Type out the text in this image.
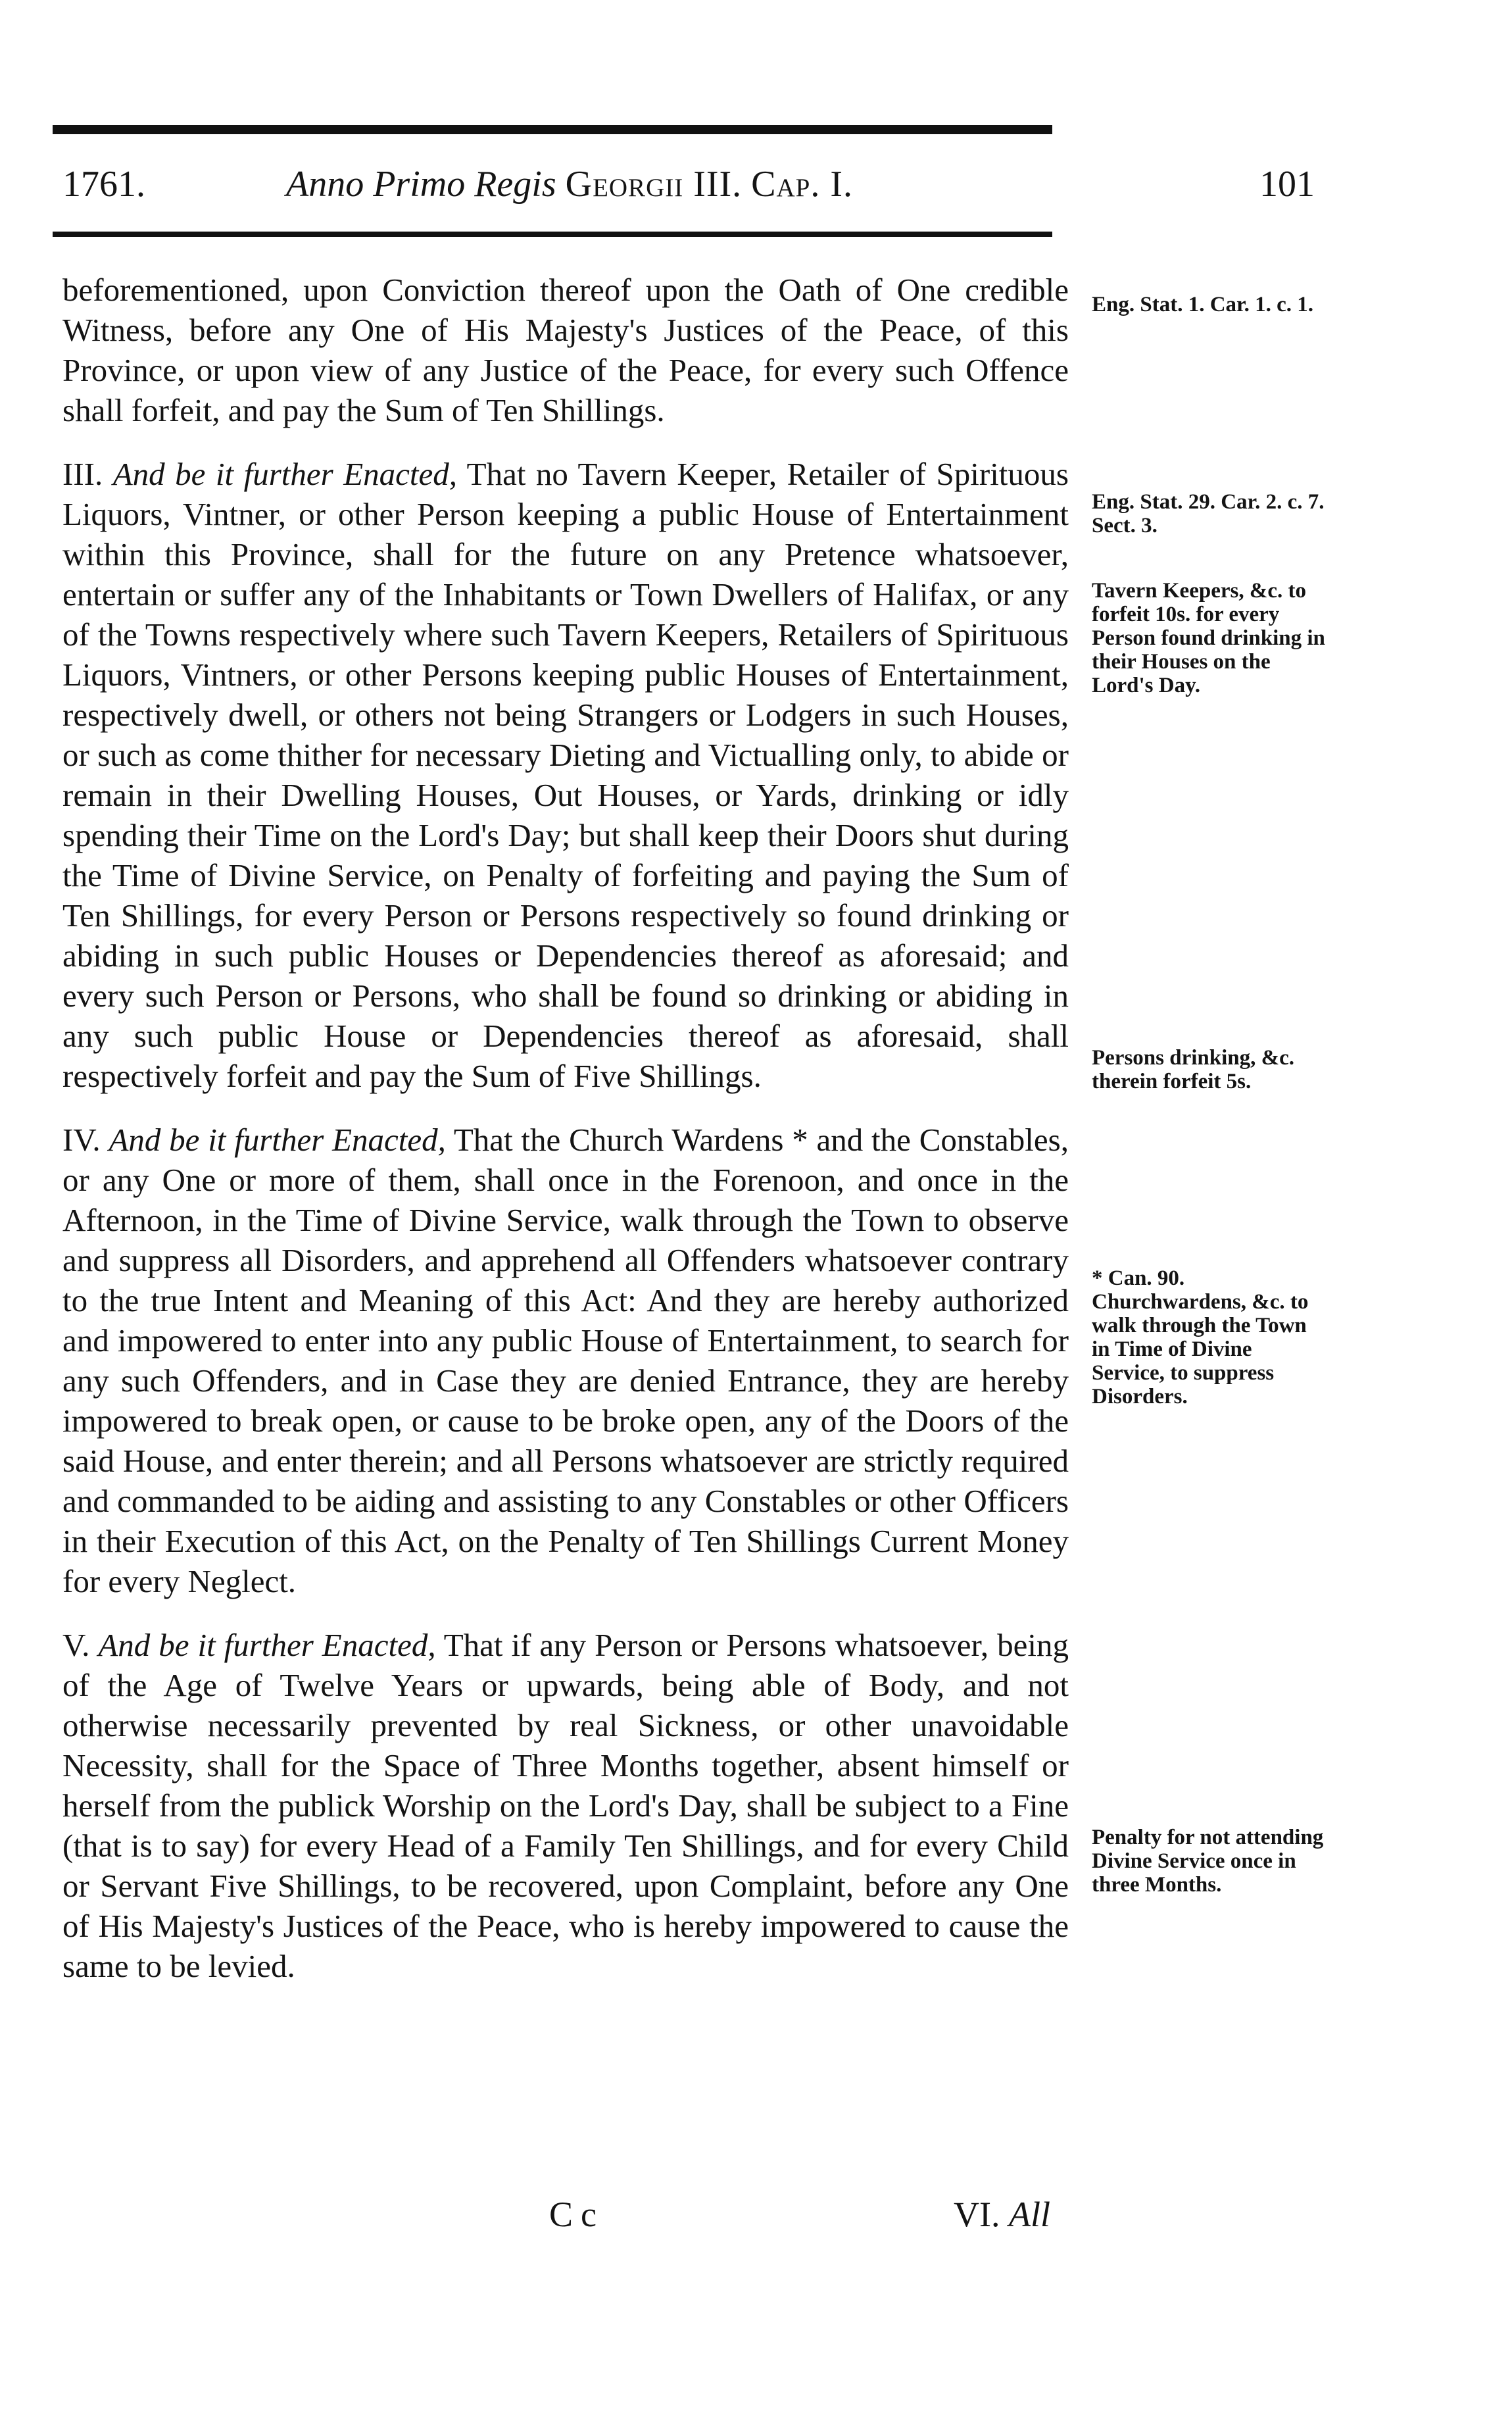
1761.	Anno Primo Regis Georgii III. Cap. I.	101

beforementioned, upon Conviction thereof upon the Oath of One credible Witness, before any One of His Majesty's Justices of the Peace, of this Province, or upon view of any Justice of the Peace, for every such Offence shall forfeit, and pay the Sum of Ten Shillings.

III. And be it further Enacted, That no Tavern Keeper, Retailer of Spirituous Liquors, Vintner, or other Person keeping a public House of Entertainment within this Province, shall for the future on any Pretence whatsoever, entertain or suffer any of the Inhabitants or Town Dwellers of Halifax, or any of the Towns respectively where such Tavern Keepers, Retailers of Spirituous Liquors, Vintners, or other Persons keeping public Houses of Entertainment, respectively dwell, or others not being Strangers or Lodgers in such Houses, or such as come thither for necessary Dieting and Victualling only, to abide or remain in their Dwelling Houses, Out Houses, or Yards, drinking or idly spending their Time on the Lord's Day; but shall keep their Doors shut during the Time of Divine Service, on Penalty of forfeiting and paying the Sum of Ten Shillings, for every Person or Persons respectively so found drinking or abiding in such public Houses or Dependencies thereof as aforesaid; and every such Person or Persons, who shall be found so drinking or abiding in any such public House or Dependencies thereof as aforesaid, shall respectively forfeit and pay the Sum of Five Shillings.

IV. And be it further Enacted, That the Church Wardens * and the Constables, or any One or more of them, shall once in the Forenoon, and once in the Afternoon, in the Time of Divine Service, walk through the Town to observe and suppress all Disorders, and apprehend all Offenders whatsoever contrary to the true Intent and Meaning of this Act: And they are hereby authorized and impowered to enter into any public House of Entertainment, to search for any such Offenders, and in Case they are denied Entrance, they are hereby impowered to break open, or cause to be broke open, any of the Doors of the said House, and enter therein; and all Persons whatsoever are strictly required and commanded to be aiding and assisting to any Constables or other Officers in their Execution of this Act, on the Penalty of Ten Shillings Current Money for every Neglect.

V. And be it further Enacted, That if any Person or Persons whatsoever, being of the Age of Twelve Years or upwards, being able of Body, and not otherwise necessarily prevented by real Sickness, or other unavoidable Necessity, shall for the Space of Three Months together, absent himself or herself from the publick Worship on the Lord's Day, shall be subject to a Fine (that is to say) for every Head of a Family Ten Shillings, and for every Child or Servant Five Shillings, to be recovered, upon Complaint, before any One of His Majesty's Justices of the Peace, who is hereby impowered to cause the same to be levied.

Eng. Stat. 1. Car. 1. c. 1.

Eng. Stat. 29. Car. 2. c. 7. Sect. 3.

Tavern Keepers, &c. to forfeit 10s. for every Person found drinking in their Houses on the Lord's Day.

Persons drinking, &c. therein forfeit 5s.

* Can. 90. Churchwardens, &c. to walk through the Town in Time of Divine Service, to suppress Disorders.

Penalty for not attending Divine Service once in three Months.

Cc	VI. All
